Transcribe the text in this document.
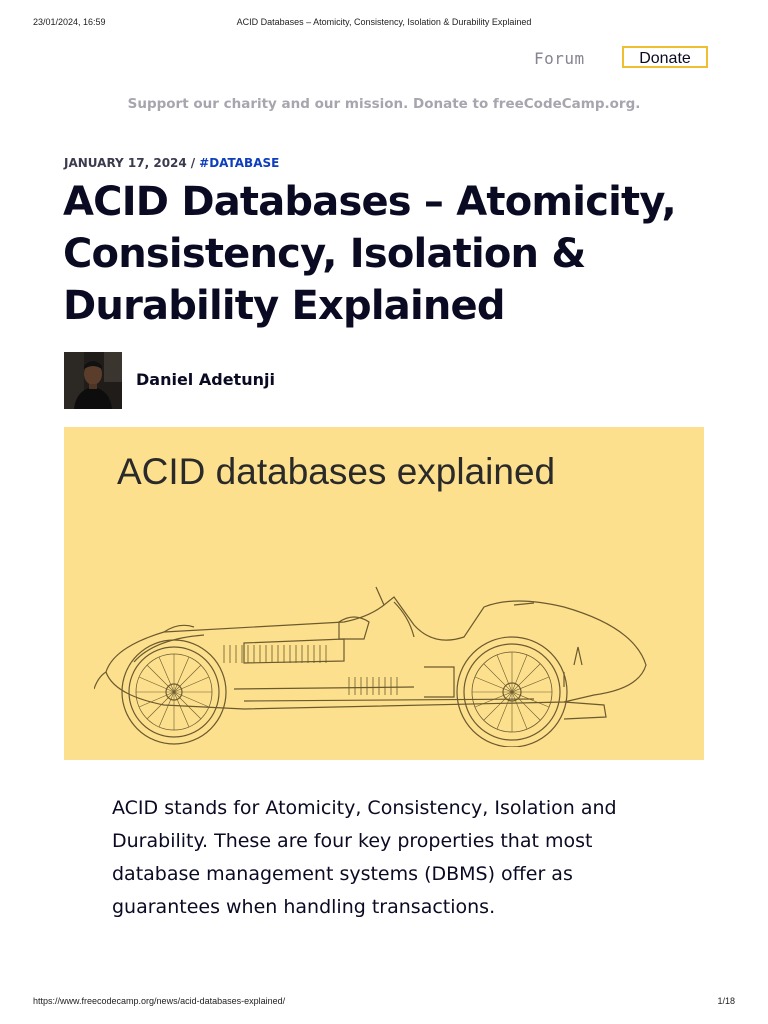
23/01/2024, 16:59	ACID Databases – Atomicity, Consistency, Isolation & Durability Explained
Forum	Donate
Support our charity and our mission. Donate to freeCodeCamp.org.
JANUARY 17, 2024 / #DATABASE
ACID Databases – Atomicity, Consistency, Isolation & Durability Explained
Daniel Adetunji
ACID databases explained

ACID stands for Atomicity, Consistency, Isolation and Durability. These are four key properties that most database management systems (DBMS) offer as guarantees when handling transactions.

https://www.freecodecamp.org/news/acid-databases-explained/	1/18
